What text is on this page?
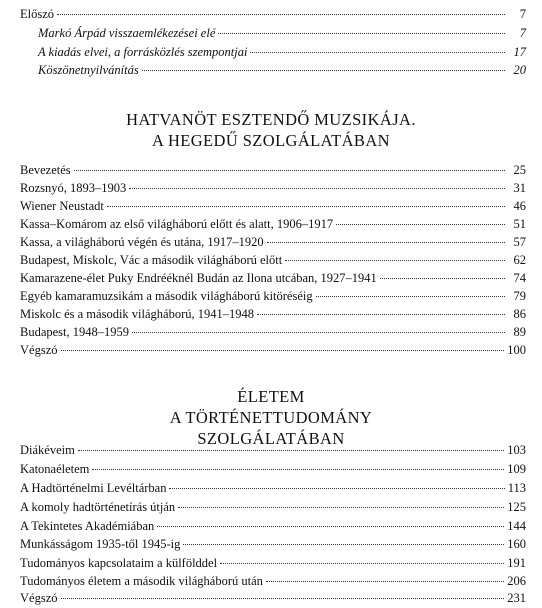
Előszó	7
Markó Árpád visszaemlékezései elé	7
A kiadás elvei, a forrásközlés szempontjai	17
Köszönetnyilvánítás	20
HATVANÖT ESZTENDŐ MUZSIKÁJA.
A HEGEDŰ SZOLGÁLATÁBAN
Bevezetés	25
Rozsnyó, 1893–1903	31
Wiener Neustadt	46
Kassa–Komárom az első világháború előtt és alatt, 1906–1917	51
Kassa, a világháború végén és utána, 1917–1920	57
Budapest, Miskolc, Vác a második világháború előtt	62
Kamarazene-élet Puky Endrééknél Budán az Ilona utcában, 1927–1941	74
Egyéb kamaramuzsikám a második világháború kitöréséig	79
Miskolc és a második világháború, 1941–1948	86
Budapest, 1948–1959	89
Végszó	100
ÉLETEM
A TÖRTÉNETTUDOMÁNY
SZOLGÁLATÁBAN
Diákéveim	103
Katonaéletem	109
A Hadtörténelmi Levéltárban	113
A komoly hadtörténetírás útján	125
A Tekintetes Akadémiában	144
Munkásságom 1935-től 1945-ig	160
Tudományos kapcsolataim a külfölddel	191
Tudományos életem a második világháború után	206
Végszó	231
